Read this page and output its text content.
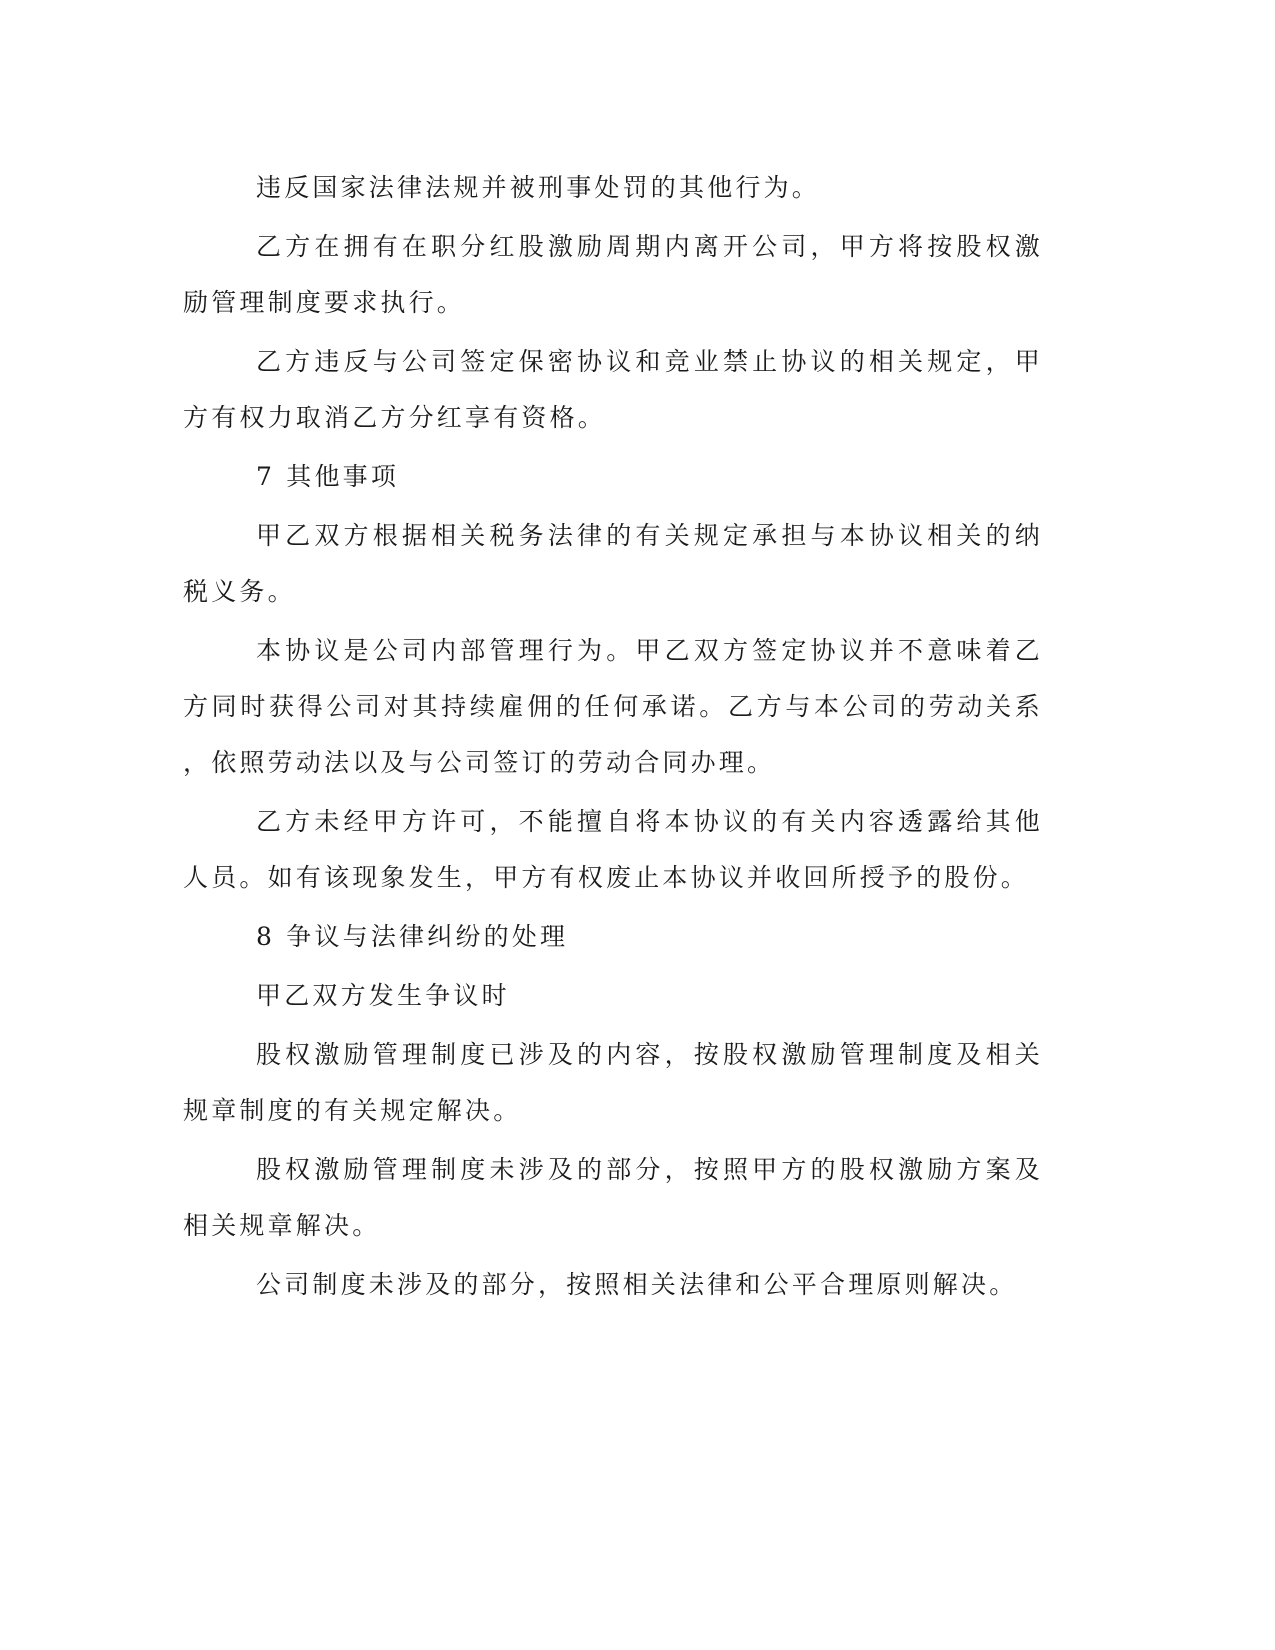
违反国家法律法规并被刑事处罚的其他行为。

乙方在拥有在职分红股激励周期内离开公司，甲方将按股权激励管理制度要求执行。

乙方违反与公司签定保密协议和竞业禁止协议的相关规定，甲方有权力取消乙方分红享有资格。

7 其他事项

甲乙双方根据相关税务法律的有关规定承担与本协议相关的纳税义务。

本协议是公司内部管理行为。甲乙双方签定协议并不意味着乙方同时获得公司对其持续雇佣的任何承诺。乙方与本公司的劳动关系，依照劳动法以及与公司签订的劳动合同办理。

乙方未经甲方许可，不能擅自将本协议的有关内容透露给其他人员。如有该现象发生，甲方有权废止本协议并收回所授予的股份。

8 争议与法律纠纷的处理

甲乙双方发生争议时

股权激励管理制度已涉及的内容，按股权激励管理制度及相关规章制度的有关规定解决。

股权激励管理制度未涉及的部分，按照甲方的股权激励方案及相关规章解决。

公司制度未涉及的部分，按照相关法律和公平合理原则解决。
